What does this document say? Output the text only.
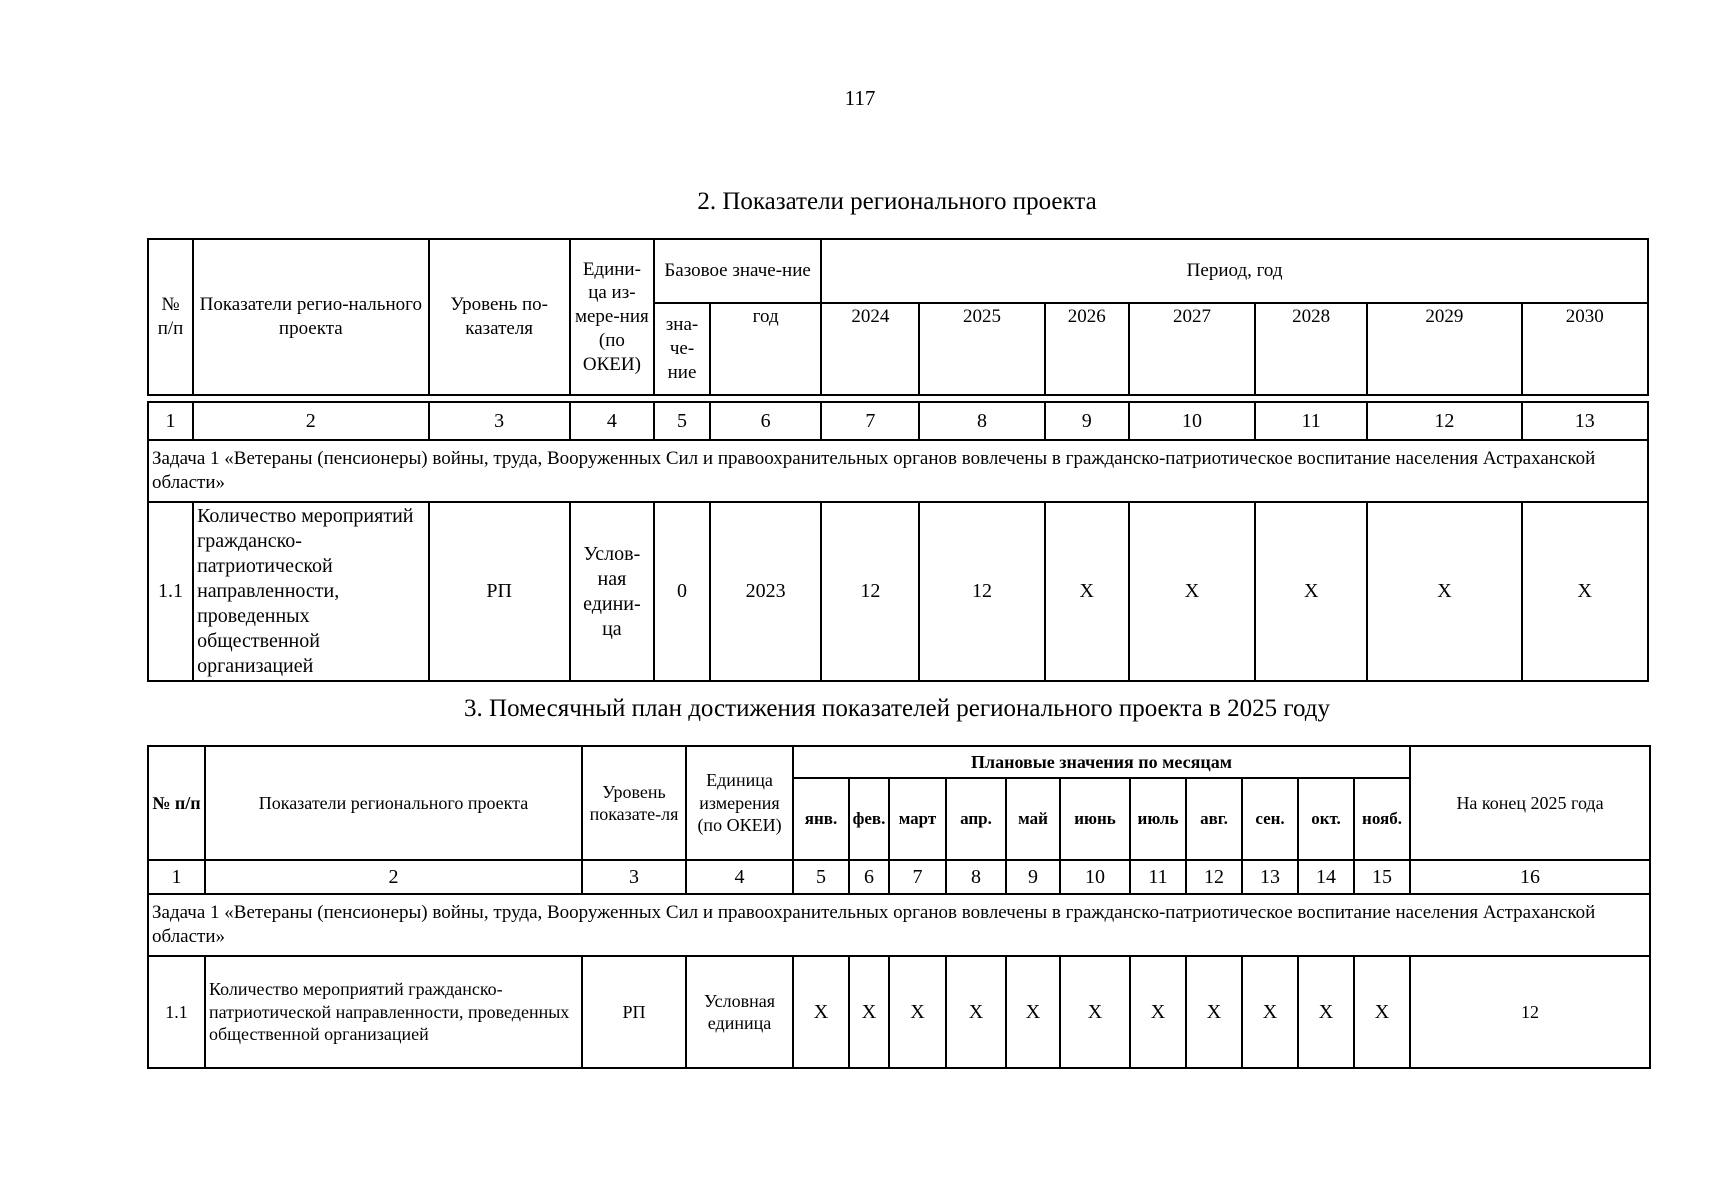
117
2. Показатели регионального проекта
№ п/п	Показатели регио-нального проекта	Уровень по-казателя	Едини-ца из-мере-ния (по ОКЕИ)	Базовое значе-ние		Период, год						
				зна-че-ние	год	2024	2025	2026	2027	2028	2029	2030

1	2	3	4	5	6	7	8	9	10	11	12	13
Задача 1 «Ветераны (пенсионеры) войны, труда, Вооруженных Сил и правоохранительных органов вовлечены в гражданско-патриотическое воспитание населения Астраханской области»												
1.1	Количество мероприятий гражданско-патриотической направленности, проведенных общественной организацией	РП	Услов-ная едини-ца	0	2023	12	12	X	X	X	X	X
3. Помесячный план достижения показателей регионального проекта в 2025 году
№ п/п	Показатели регионального проекта	Уровень показате-ля	Единица измерения (по ОКЕИ)	Плановые значения по месяцам											На конец 2025 года
				янв.	фев.	март	апр.	май	июнь	июль	авг.	сен.	окт.	нояб.	
1	2	3	4	5	6	7	8	9	10	11	12	13	14	15	16
Задача 1 «Ветераны (пенсионеры) войны, труда, Вооруженных Сил и правоохранительных органов вовлечены в гражданско-патриотическое воспитание населения Астраханской области»															
1.1	Количество мероприятий гражданско-патриотической направленности, проведенных общественной организацией	РП	Условная единица	X	X	X	X	X	X	X	X	X	X	X	12
